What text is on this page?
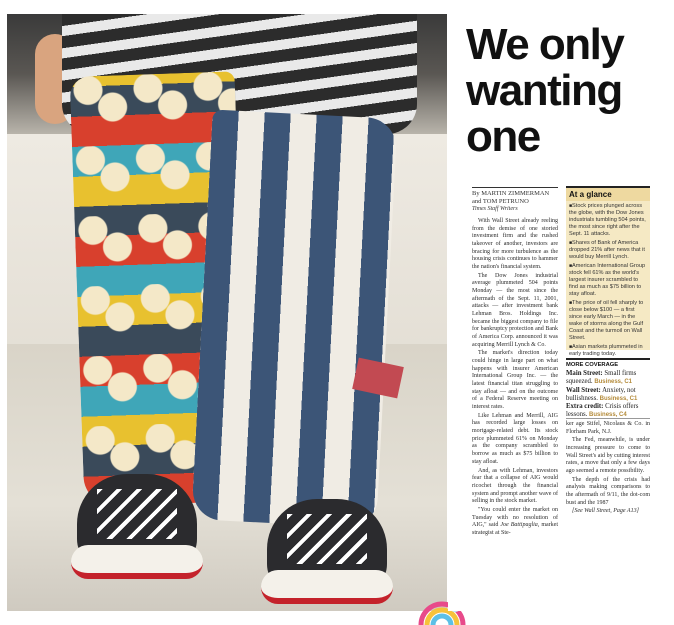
We only wanting one
By MARTIN ZIMMERMAN and TOM PETRUNO
Times Staff Writers

With Wall Street already reeling from the demise of one storied investment firm and the rushed takeover of another, investors are bracing for more turbulence as the housing crisis continues to hammer the nation's financial system.

The Dow Jones industrial average plummeted 504 points Monday — the most since the aftermath of the Sept. 11, 2001, attacks — after investment bank Lehman Bros. Holdings Inc. became the biggest company to file for bankruptcy protection and Bank of America Corp. announced it was acquiring Merrill Lynch & Co.

The market's direction today could hinge in large part on what happens with insurer American International Group Inc. — the latest financial titan struggling to stay afloat — and on the outcome of a Federal Reserve meeting on interest rates.

Like Lehman and Merrill, AIG has recorded large losses on mortgage-related debt. Its stock price plummeted 61% on Monday as the company scrambled to borrow as much as $75 billion to stay afloat.

And, as with Lehman, investors fear that a collapse of AIG would ricochet through the financial system and prompt another wave of selling in the stock market.

"You could enter the market on Tuesday with no resolution of AIG," said Joe Battipaglia, market strategist at Ste-

At a glance
■ Stock prices plunged across the globe, with the Dow Jones industrials tumbling 504 points, the most since right after the Sept. 11 attacks.
■ Shares of Bank of America dropped 21% after news that it would buy Merrill Lynch.
■ American International Group stock fell 61% as the world's largest insurer scrambled to find as much as $75 billion to stay afloat.
■ The price of oil fell sharply to close below $100 — a first since early March — in the wake of storms along the Gulf Coast and the turmoil on Wall Street.
■ Asian markets plummeted in early trading today.
MORE COVERAGE
Main Street: Small firms squeezed. Business, C1
Wall Street: Anxiety, not bullishness. Business, C1
Extra credit: Crisis offers lessons. Business, C4

ker age Stifel, Nicolaus & Co. in Florham Park, N.J.

The Fed, meanwhile, is under increasing pressure to come to Wall Street's aid by cutting interest rates, a move that only a few days ago seemed a remote possibility.

The depth of the crisis had analysts making comparisons to the aftermath of 9/11, the dot-com bust and the 1987

[See Wall Street, Page A13]
